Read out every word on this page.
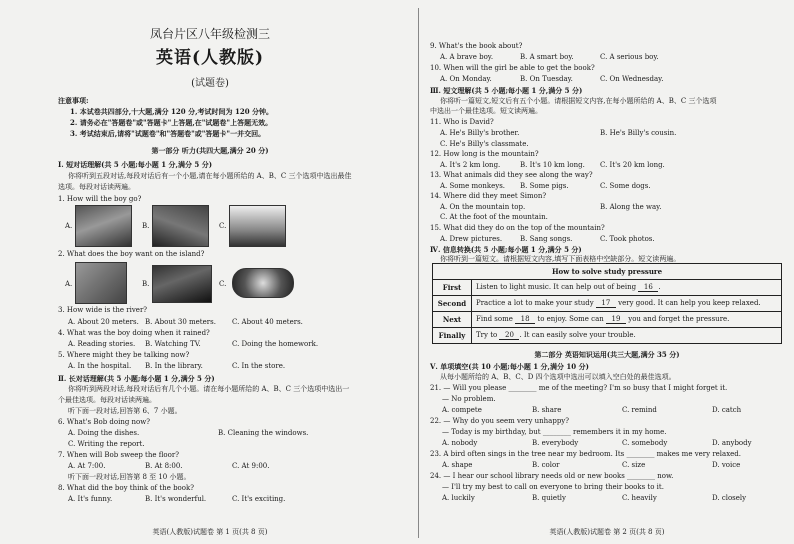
凤台片区八年级检测三
英语(人教版)
(试题卷)
注意事项:
1. 本试卷共四部分,十大题,满分 120 分,考试时间为 120 分钟。
2. 请务必在"答题卷"或"答题卡"上答题,在"试题卷"上答题无效。
3. 考试结束后,请将"试题卷"和"答题卷"或"答题卡"一并交回。
第一部分 听力(共四大题,满分 20 分)
Ⅰ. 短对话理解(共 5 小题;每小题 1 分,满分 5 分)
你将听到五段对话,每段对话后有一个小题,请在每小题所给的 A、B、C 三个选项中选出最佳
选项。每段对话读两遍。
1. How will the boy go?
A.	B.	C.
2. What does the boy want on the island?
A.	B.	C.
3. How wide is the river?
A. About 20 meters. B. About 30 meters. C. About 40 meters.
4. What was the boy doing when it rained?
A. Reading stories. B. Watching TV.	C. Doing the homework.
5. Where might they be talking now?
A. In the hospital. B. In the library.	C. In the store.
Ⅱ. 长对话理解(共 5 小题;每小题 1 分,满分 5 分)
你将听到两段对话,每段对话后有几个小题。请在每小题所给的 A、B、C 三个选项中选出一
个最佳选项。每段对话读两遍。
听下面一段对话,回答第 6、7 小题。
6. What's Bob doing now?
A. Doing the dishes.	B. Cleaning the windows.
C. Writing the report.
7. When will Bob sweep the floor?
A. At 7:00.	B. At 8:00.	C. At 9:00.
听下面一段对话,回答第 8 至 10 小题。
8. What did the boy think of the book?
A. It's funny.	B. It's wonderful.	C. It's exciting.
英语(人教版)试题卷 第 1 页(共 8 页)
9. What's the book about?
A. A brave boy.	B. A smart boy.	C. A serious boy.
10. When will the girl be able to get the book?
A. On Monday.	B. On Tuesday.	C. On Wednesday.
Ⅲ. 短文理解(共 5 小题;每小题 1 分,满分 5 分)
你将听一篇短文,短文后有五个小题。请根据短文内容,在每小题所给的 A、B、C 三个选项
中选出一个最佳选项。短文读两遍。
11. Who is David?
A. He's Billy's brother.	B. He's Billy's cousin.
C. He's Billy's classmate.
12. How long is the mountain?
A. It's 2 km long.	B. It's 10 km long. C. It's 20 km long.
13. What animals did they see along the way?
A. Some monkeys. B. Some pigs.	C. Some dogs.
14. Where did they meet Simon?
A. On the mountain top.	B. Along the way.
C. At the foot of the mountain.
15. What did they do on the top of the mountain?
A. Drew pictures.	B. Sang songs.	C. Took photos.
Ⅳ. 信息转换(共 5 小题;每小题 1 分,满分 5 分)
你将听到一篇短文。请根据短文内容,填写下面表格中空缺部分。短文读两遍。
How to solve study pressure	
First	Listen to light music. It can help out of being 16 .
Second	Practice a lot to make your study 17 very good. It can help you keep relaxed.
Next	Find some 18 to enjoy. Some can 19 you and forget the pressure.
Finally	Try to 20 . It can easily solve your trouble.
第二部分 英语知识运用(共三大题,满分 35 分)
Ⅴ. 单项填空(共 10 小题;每小题 1 分,满分 10 分)
从每小题所给的 A、B、C、D 四个选项中选出可以填入空白处的最佳选项。
21. — Will you please ________ me of the meeting? I'm so busy that I might forget it.
— No problem.
A. compete	B. share	C. remind	D. catch
22. — Why do you seem very unhappy?
— Today is my birthday, but ________ remembers it in my home.
A. nobody	B. everybody	C. somebody	D. anybody
23. A bird often sings in the tree near my bedroom. Its ________ makes me very relaxed.
A. shape	B. color	C. size	D. voice
24. — I hear our school library needs old or new books ________ now.
— I'll try my best to call on everyone to bring their books to it.
A. luckily	B. quietly	C. heavily	D. closely
英语(人教版)试题卷 第 2 页(共 8 页)
